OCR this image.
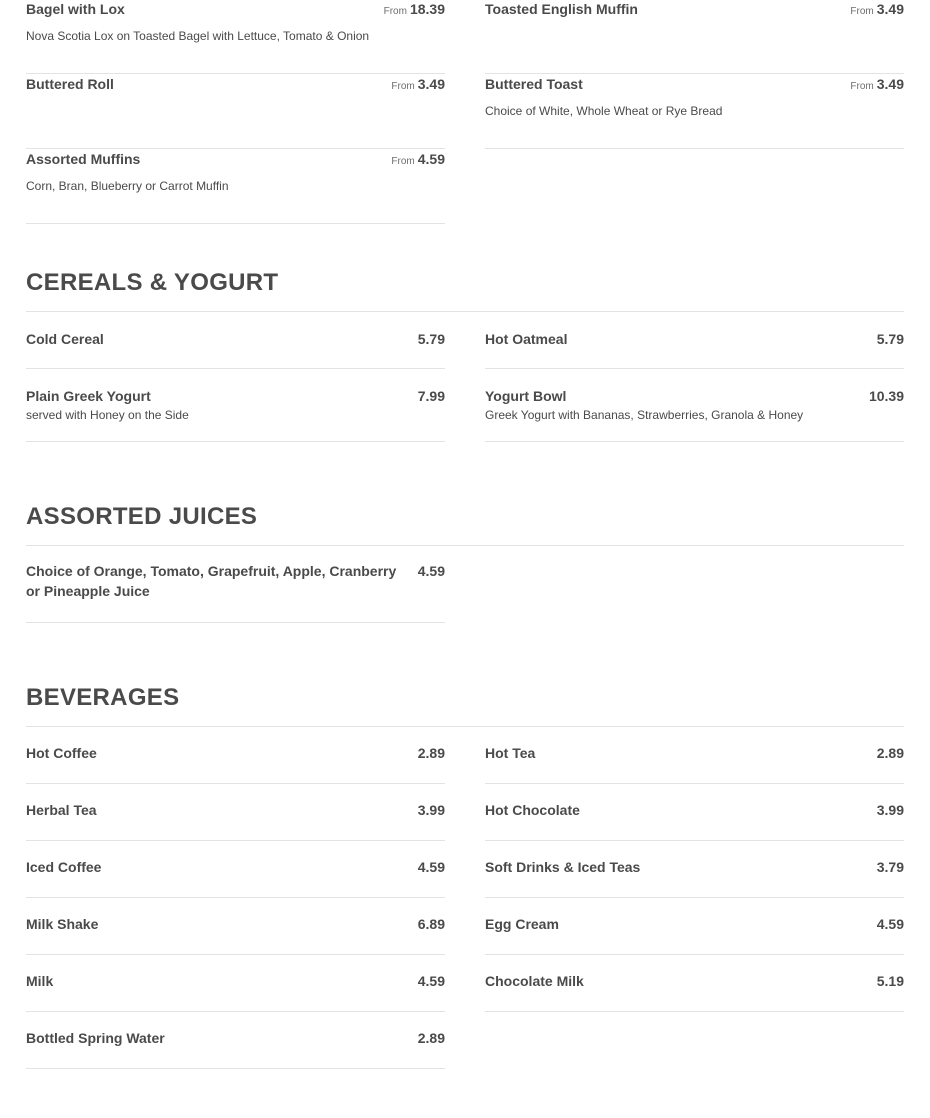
Bagel with Lox	From 18.39
Nova Scotia Lox on Toasted Bagel with Lettuce, Tomato & Onion
Buttered Roll	From 3.49
Assorted Muffins	From 4.59
Corn, Bran, Blueberry or Carrot Muffin
Toasted English Muffin	From 3.49
Buttered Toast	From 3.49
Choice of White, Whole Wheat or Rye Bread
CEREALS & YOGURT
Cold Cereal	5.79
Plain Greek Yogurt	7.99
served with Honey on the Side
Hot Oatmeal	5.79
Yogurt Bowl	10.39
Greek Yogurt with Bananas, Strawberries, Granola & Honey
ASSORTED JUICES
Choice of Orange, Tomato, Grapefruit, Apple, Cranberry or Pineapple Juice
4.59
BEVERAGES
Hot Coffee	2.89
Herbal Tea	3.99
Iced Coffee	4.59
Milk Shake	6.89
Milk	4.59
Bottled Spring Water	2.89
Hot Tea	2.89
Hot Chocolate	3.99
Soft Drinks & Iced Teas	3.79
Egg Cream	4.59
Chocolate Milk	5.19
